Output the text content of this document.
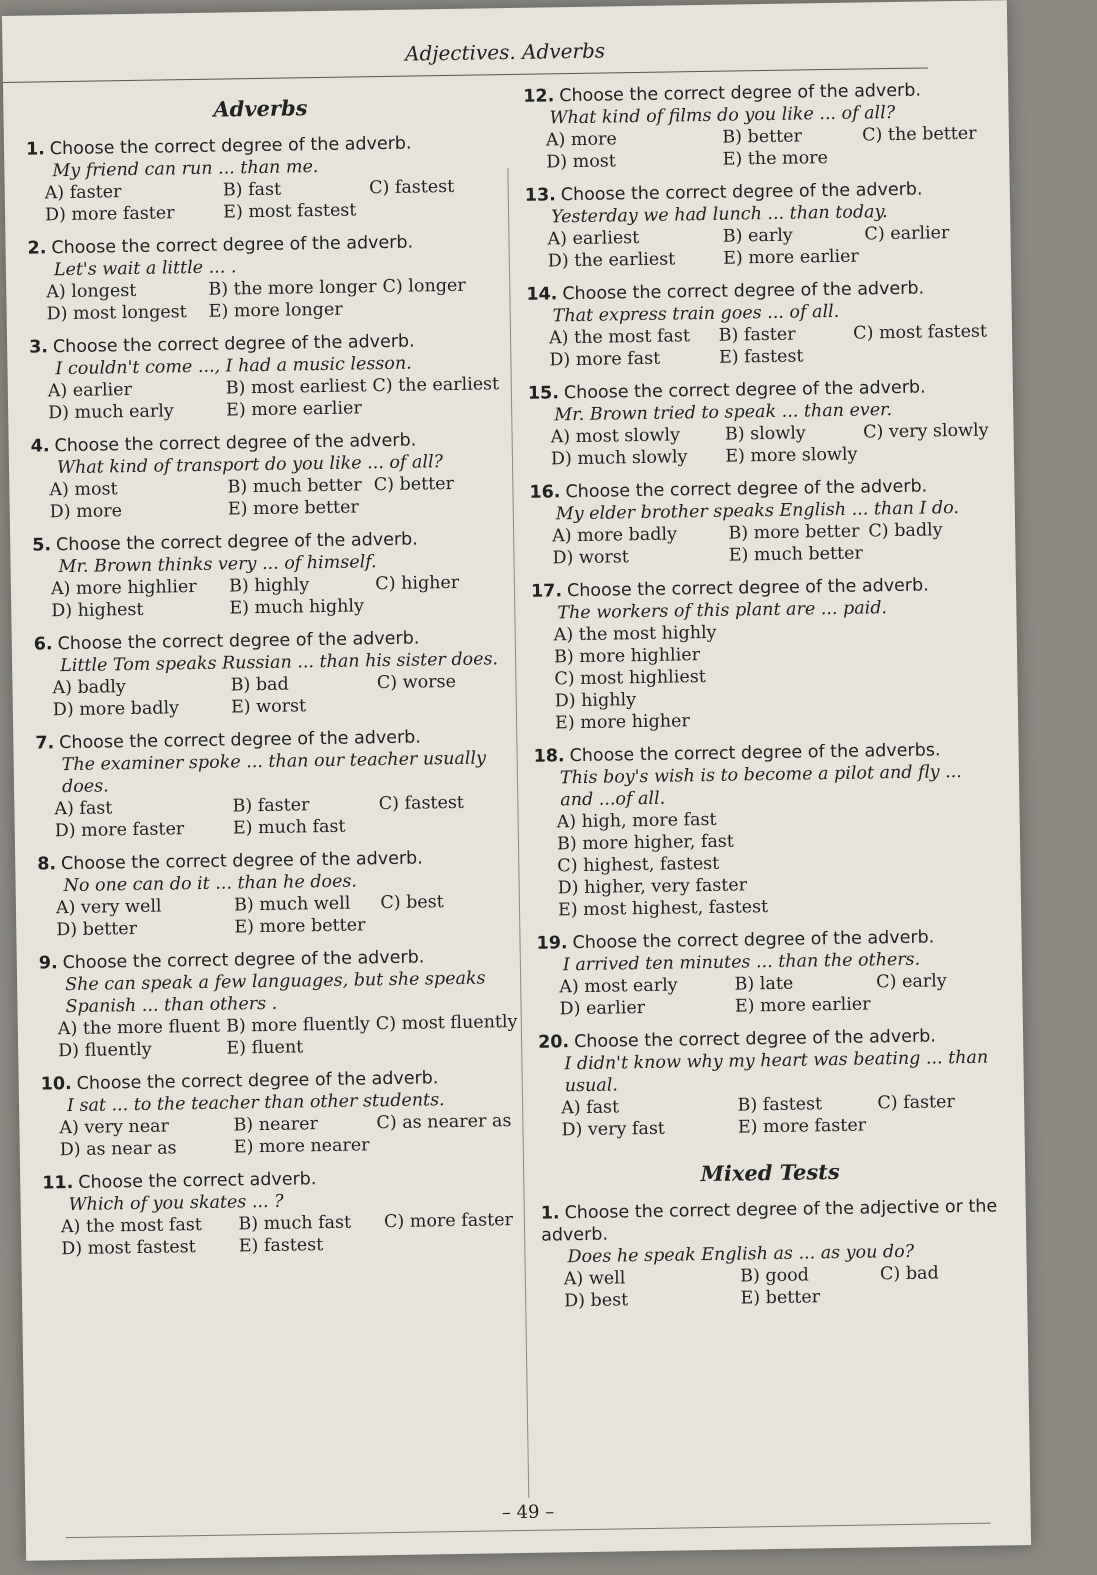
Adjectives. Adverbs
Adverbs
1. Choose the correct degree of the adverb.
My friend can run ... than me.
A) faster	B) fast	C) fastest
D) more faster	E) most fastest
2. Choose the correct degree of the adverb.
Let's wait a little ... .
A) longest	B) the more longer C) longer
D) most longest	E) more longer
3. Choose the correct degree of the adverb.
I couldn't come ..., I had a music lesson.
A) earlier	B) most earliest C) the earliest
D) much early	E) more earlier
4. Choose the correct degree of the adverb.
What kind of transport do you like ... of all?
A) most	B) much better C) better
D) more	E) more better
5. Choose the correct degree of the adverb.
Mr. Brown thinks very ... of himself.
A) more highlier	B) highly	C) higher
D) highest	E) much highly
6. Choose the correct degree of the adverb.
Little Tom speaks Russian ... than his sister does.
A) badly	B) bad	C) worse
D) more badly	E) worst
7. Choose the correct degree of the adverb.
The examiner spoke ... than our teacher usually does.
A) fast	B) faster	C) fastest
D) more faster	E) much fast
8. Choose the correct degree of the adverb.
No one can do it ... than he does.
A) very well	B) much well	C) best
D) better	E) more better
9. Choose the correct degree of the adverb.
She can speak a few languages, but she speaks Spanish ... than others .
A) the more fluent B) more fluently C) most fluently
D) fluently	E) fluent
10. Choose the correct degree of the adverb.
I sat ... to the teacher than other students.
A) very near	B) nearer	C) as nearer as
D) as near as	E) more nearer
11. Choose the correct adverb.
Which of you skates ... ?
A) the most fast	B) much fast	C) more faster
D) most fastest	E) fastest
12. Choose the correct degree of the adverb.
What kind of films do you like ... of all?
A) more	B) better	C) the better
D) most	E) the more
13. Choose the correct degree of the adverb.
Yesterday we had lunch ... than today.
A) earliest	B) early	C) earlier
D) the earliest	E) more earlier
14. Choose the correct degree of the adverb.
That express train goes ... of all.
A) the most fast	B) faster	C) most fastest
D) more fast	E) fastest
15. Choose the correct degree of the adverb.
Mr. Brown tried to speak ... than ever.
A) most slowly	B) slowly	C) very slowly
D) much slowly	E) more slowly
16. Choose the correct degree of the adverb.
My elder brother speaks English ... than I do.
A) more badly	B) more better C) badly
D) worst	E) much better
17. Choose the correct degree of the adverb.
The workers of this plant are ... paid.
A) the most highly
B) more highlier
C) most highliest
D) highly
E) more higher
18. Choose the correct degree of the adverbs.
This boy's wish is to become a pilot and fly ... and ...of all.
A) high, more fast
B) more higher, fast
C) highest, fastest
D) higher, very faster
E) most highest, fastest
19. Choose the correct degree of the adverb.
I arrived ten minutes ... than the others.
A) most early	B) late	C) early
D) earlier	E) more earlier
20. Choose the correct degree of the adverb.
I didn't know why my heart was beating ... than usual.
A) fast	B) fastest	C) faster
D) very fast	E) more faster
Mixed Tests
1. Choose the correct degree of the adjective or the adverb.
Does he speak English as ... as you do?
A) well	B) good	C) bad
D) best	E) better
– 49 –
